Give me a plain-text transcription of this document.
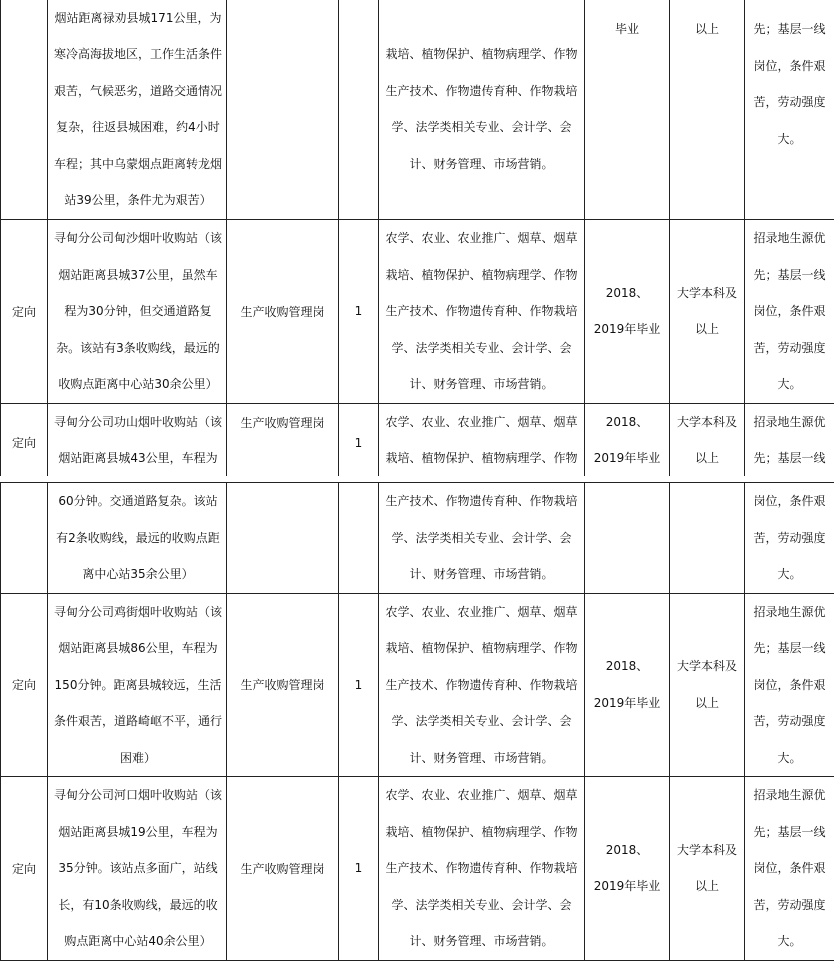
	烟站距离禄劝县城171公里，为寒冷高海拔地区，工作生活条件艰苦，气候恶劣，道路交通情况复杂，往返县城困难，约4小时车程；其中乌蒙烟点距离转龙烟站39公里，条件尤为艰苦）			栽培、植物保护、植物病理学、作物生产技术、作物遗传育种、作物栽培学、法学类相关专业、会计学、会计、财务管理、市场营销。	毕业	以上	先；基层一线岗位，条件艰苦，劳动强度大。
定向	寻甸分公司甸沙烟叶收购站（该烟站距离县城37公里，虽然车程为30分钟，但交通道路复杂。该站有3条收购线，最远的收购点距离中心站30余公里）	生产收购管理岗	1	农学、农业、农业推广、烟草、烟草栽培、植物保护、植物病理学、作物生产技术、作物遗传育种、作物栽培学、法学类相关专业、会计学、会计、财务管理、市场营销。	2018、2019年毕业	大学本科及以上	招录地生源优先；基层一线岗位，条件艰苦，劳动强度大。
定向	寻甸分公司功山烟叶收购站（该烟站距离县城43公里，车程为	生产收购管理岗	1	农学、农业、农业推广、烟草、烟草栽培、植物保护、植物病理学、作物	2018、2019年毕业	大学本科及以上	招录地生源优先；基层一线
	60分钟。交通道路复杂。该站有2条收购线，最远的收购点距离中心站35余公里）			生产技术、作物遗传育种、作物栽培学、法学类相关专业、会计学、会计、财务管理、市场营销。			岗位，条件艰苦，劳动强度大。
定向	寻甸分公司鸡街烟叶收购站（该烟站距离县城86公里，车程为150分钟。距离县城较远，生活条件艰苦，道路崎岖不平，通行困难）	生产收购管理岗	1	农学、农业、农业推广、烟草、烟草栽培、植物保护、植物病理学、作物生产技术、作物遗传育种、作物栽培学、法学类相关专业、会计学、会计、财务管理、市场营销。	2018、2019年毕业	大学本科及以上	招录地生源优先；基层一线岗位，条件艰苦，劳动强度大。
定向	寻甸分公司河口烟叶收购站（该烟站距离县城19公里，车程为35分钟。该站点多面广，站线长，有10条收购线，最远的收购点距离中心站40余公里）	生产收购管理岗	1	农学、农业、农业推广、烟草、烟草栽培、植物保护、植物病理学、作物生产技术、作物遗传育种、作物栽培学、法学类相关专业、会计学、会计、财务管理、市场营销。	2018、2019年毕业	大学本科及以上	招录地生源优先；基层一线岗位，条件艰苦，劳动强度大。
